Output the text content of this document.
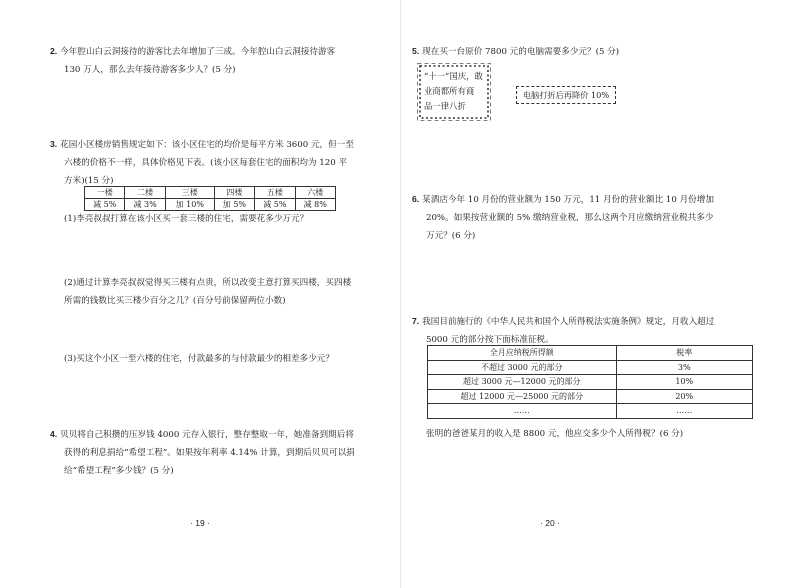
2. 今年腔山白云洞接待的游客比去年增加了三成。今年腔山白云洞接待游客
130 万人，那么去年接待游客多少人？(5 分)
3. 花园小区楼房销售规定如下：该小区住宅的均价是每平方米 3600 元，但一至
六楼的价格不一样，具体价格见下表。(该小区每套住宅的面积均为 120 平
方米)(15 分)
一楼	二楼	三楼	四楼	五楼	六楼
减 5%	减 3%	加 10%	加 5%	减 5%	减 8%
(1)李亮叔叔打算在该小区买一套三楼的住宅，需要花多少万元？
(2)通过计算李亮叔叔觉得买三楼有点贵，所以改变主意打算买四楼，买四楼
所需的钱数比买三楼少百分之几？(百分号前保留两位小数)
(3)买这个小区一至六楼的住宅，付款最多的与付款最少的相差多少元？
4. 贝贝将自己积攒的压岁钱 4000 元存入银行，整存整取一年，她准备到期后将
获得的利息捐给“希望工程”。如果按年利率 4.14% 计算，到期后贝贝可以捐
给“希望工程”多少钱？(5 分)
· 19 ·
5. 现在买一台原价 7800 元的电脑需要多少元？(5 分)
“十一”国庆，敢
业商都所有商
品一律八折
电脑打折后再降价 10%
6. 某酒店今年 10 月份的营业额为 150 万元，11 月份的营业额比 10 月份增加
20%。如果按营业额的 5% 缴纳营业税，那么这两个月应缴纳营业税共多少
万元？(6 分)
7. 我国目前施行的《中华人民共和国个人所得税法实施条例》规定，月收入超过
5000 元的部分按下面标准征税。
全月应纳税所得额	税率
不超过 3000 元的部分	3%
超过 3000 元—12000 元的部分	10%
超过 12000 元—25000 元的部分	20%
……	……
张明的爸爸某月的收入是 8800 元，他应交多少个人所得税？(6 分)
· 20 ·
